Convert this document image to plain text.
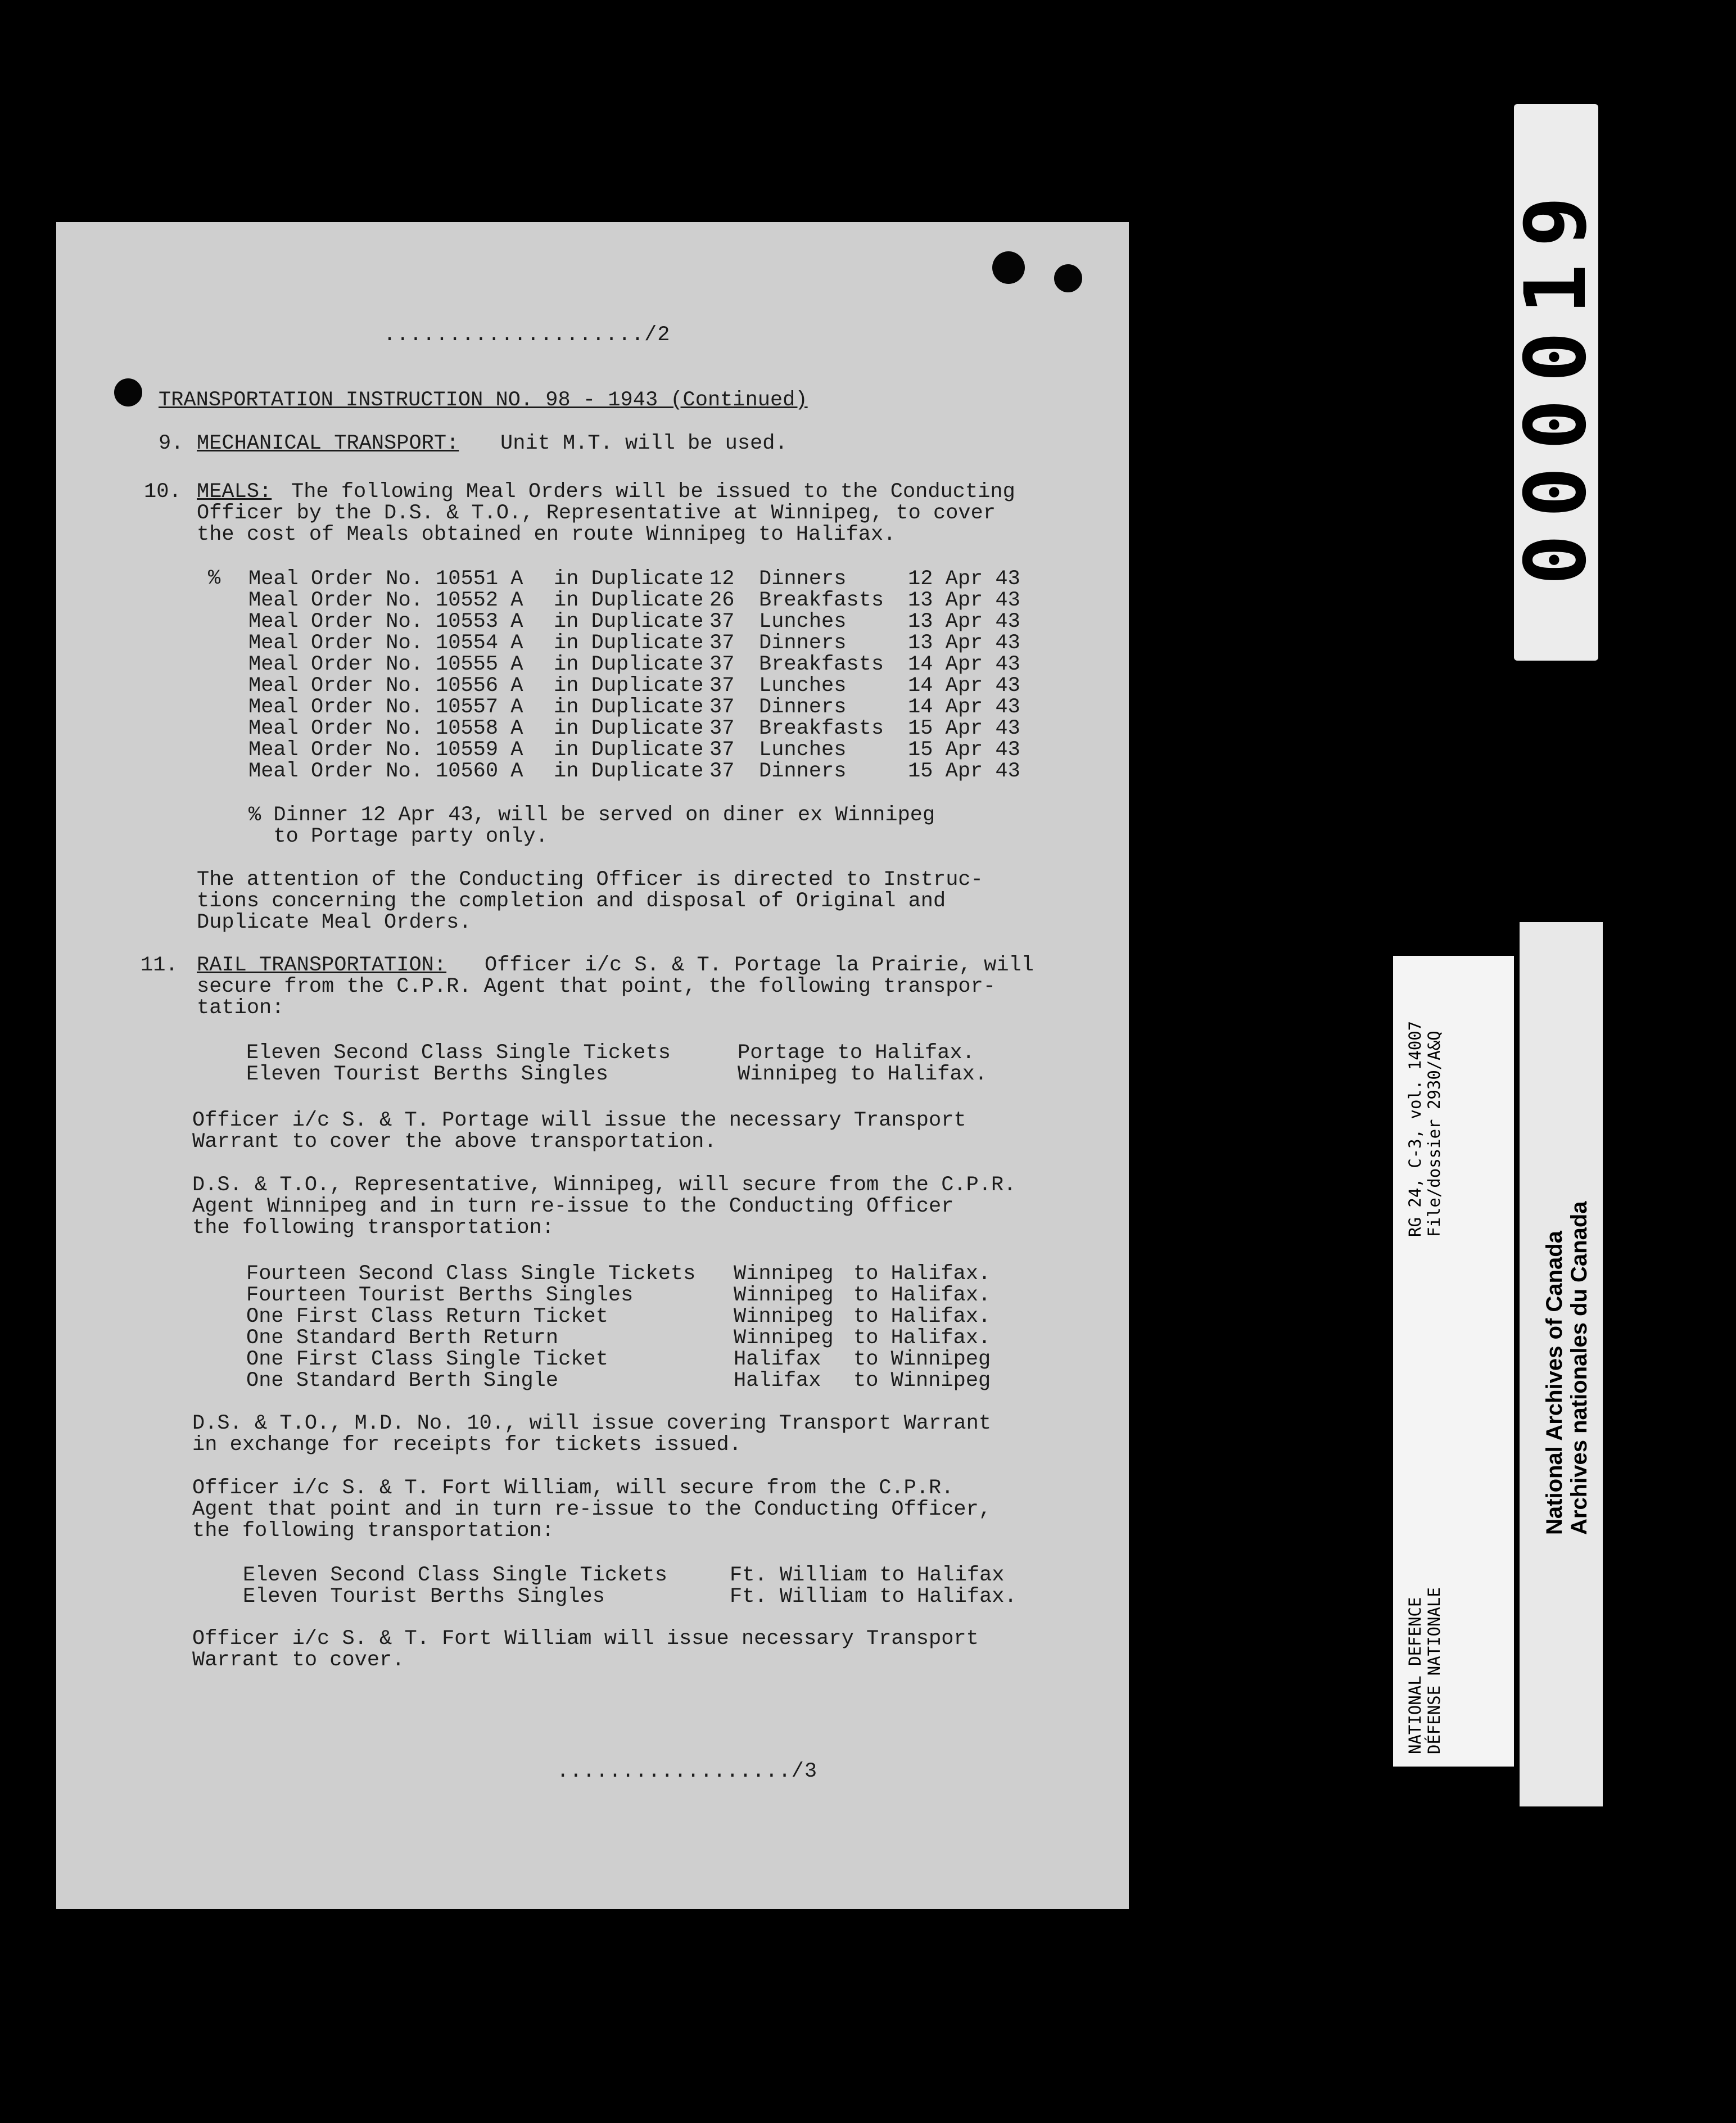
..................../2
TRANSPORTATION INSTRUCTION NO. 98 - 1943 (Continued)
9. MECHANICAL TRANSPORT: Unit M.T. will be used.
10. MEALS: The following Meal Orders will be issued to the Conducting
Officer by the D.S. & T.O., Representative at Winnipeg, to cover
the cost of Meals obtained en route Winnipeg to Halifax.
% Meal Order No. 10551 A in Duplicate 12 Dinners	12 Apr 43
Meal Order No. 10552 A in Duplicate 26 Breakfasts 13 Apr 43
Meal Order No. 10553 A in Duplicate 37 Lunches	13 Apr 43
Meal Order No. 10554 A in Duplicate 37 Dinners	13 Apr 43
Meal Order No. 10555 A in Duplicate 37 Breakfasts 14 Apr 43
Meal Order No. 10556 A in Duplicate 37 Lunches	14 Apr 43
Meal Order No. 10557 A in Duplicate 37 Dinners	14 Apr 43
Meal Order No. 10558 A in Duplicate 37 Breakfasts 15 Apr 43
Meal Order No. 10559 A in Duplicate 37 Lunches	15 Apr 43
Meal Order No. 10560 A in Duplicate 37 Dinners	15 Apr 43
% Dinner 12 Apr 43, will be served on diner ex Winnipeg
to Portage party only.
The attention of the Conducting Officer is directed to Instruc-
tions concerning the completion and disposal of Original and
Duplicate Meal Orders.
11. RAIL TRANSPORTATION: Officer i/c S. & T. Portage la Prairie, will
secure from the C.P.R. Agent that point, the following transpor-
tation:
Eleven Second Class Single Tickets	Portage to Halifax.
Eleven Tourist Berths Singles	Winnipeg to Halifax.
Officer i/c S. & T. Portage will issue the necessary Transport
Warrant to cover the above transportation.
D.S. & T.O., Representative, Winnipeg, will secure from the C.P.R.
Agent Winnipeg and in turn re-issue to the Conducting Officer
the following transportation:
Fourteen Second Class Single Tickets Winnipeg to Halifax.
Fourteen Tourist Berths Singles	Winnipeg to Halifax.
One First Class Return Ticket	Winnipeg to Halifax.
One Standard Berth Return	Winnipeg to Halifax.
One First Class Single Ticket	Halifax to Winnipeg
One Standard Berth Single	Halifax to Winnipeg
D.S. & T.O., M.D. No. 10., will issue covering Transport Warrant
in exchange for receipts for tickets issued.
Officer i/c S. & T. Fort William, will secure from the C.P.R.
Agent that point and in turn re-issue to the Conducting Officer,
the following transportation:
Eleven Second Class Single Tickets	Ft. William to Halifax
Eleven Tourist Berths Singles	Ft. William to Halifax.
Officer i/c S. & T. Fort William will issue necessary Transport
Warrant to cover.
................../3
000019
RG 24, C-3, vol. 14007 File/dossier 2930/A&Q
NATIONAL DEFENCE DÉFENSE NATIONALE
National Archives of Canada Archives nationales du Canada
